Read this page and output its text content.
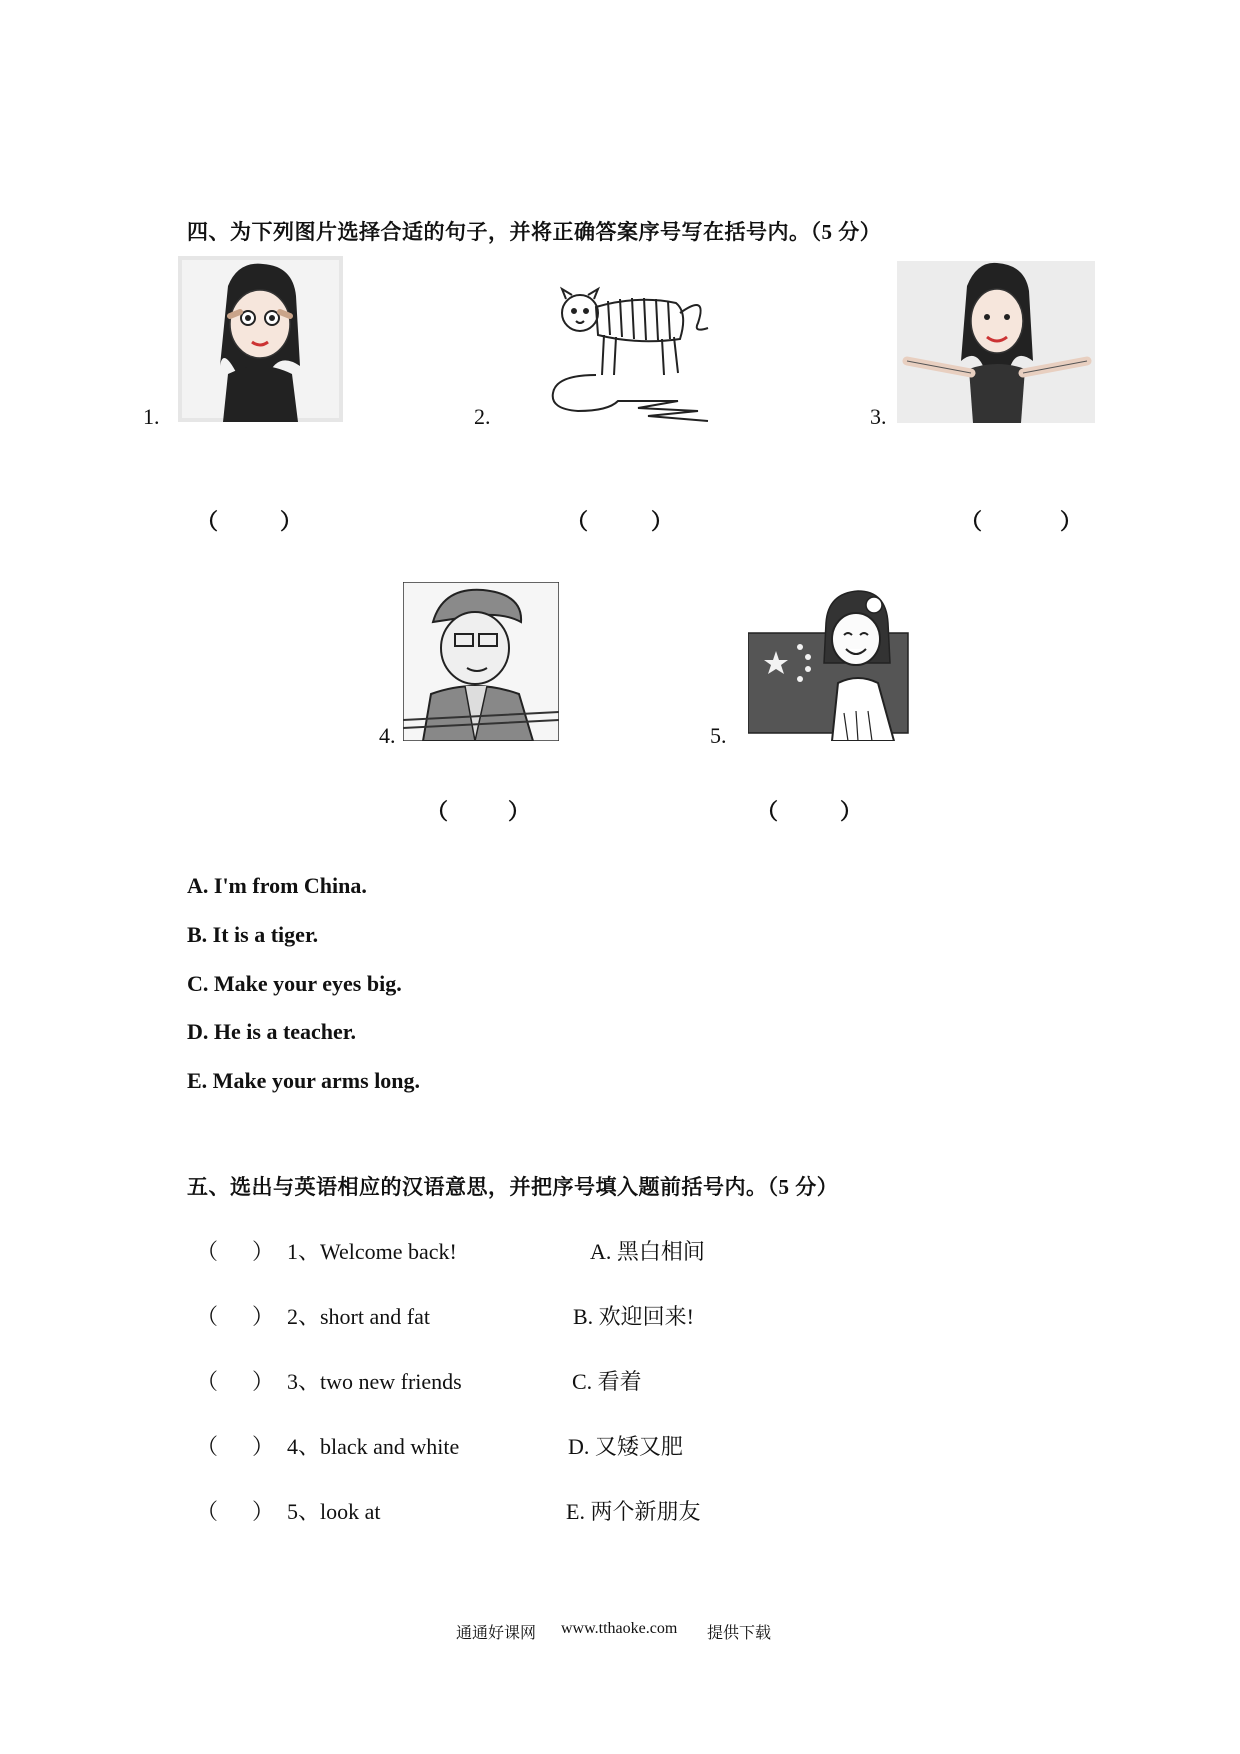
四、为下列图片选择合适的句子，并将正确答案序号写在括号内。（5 分）
1.
（	）
2.
（	）
3.
（	）
4.
（	）
5.
（	）
A. I'm from China.
B. It is a tiger.
C. Make your eyes big.
D. He is a teacher.
E. Make your arms long.
五、选出与英语相应的汉语意思，并把序号填入题前括号内。（5 分）
（ ） 1、Welcome back!	A. 黑白相间
（ ） 2、short and fat	B. 欢迎回来!
（ ） 3、two new friends	C. 看着
（ ） 4、black and white	D. 又矮又肥
（ ） 5、look at	E. 两个新朋友
通通好课网 www.tthaoke.com 提供下载
